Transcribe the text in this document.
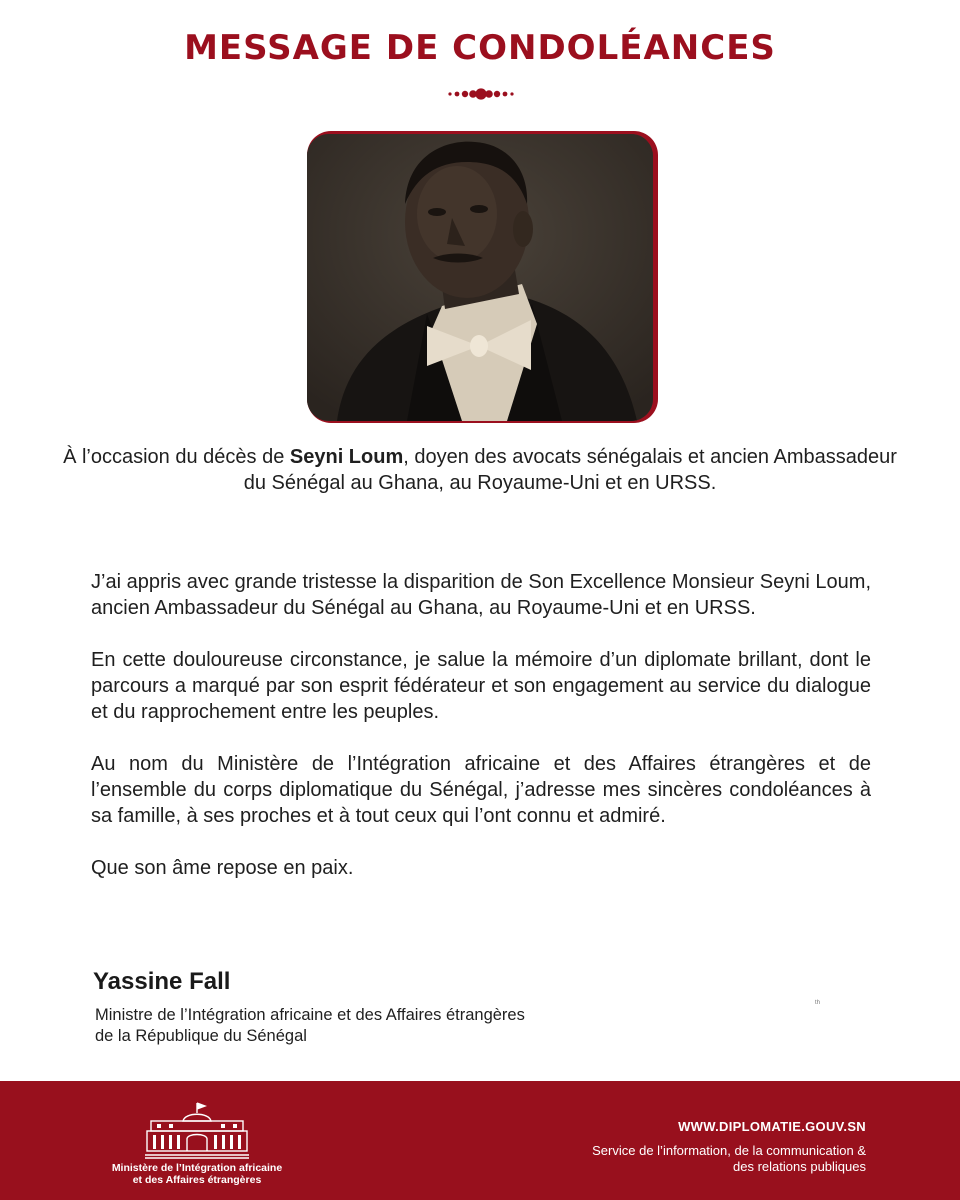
MESSAGE DE CONDOLÉANCES
À l’occasion du décès de Seyni Loum, doyen des avocats sénégalais et ancien Ambassadeur du Sénégal au Ghana, au Royaume-Uni et en URSS.

J’ai appris avec grande tristesse la disparition de Son Excellence Monsieur Seyni Loum, ancien Ambassadeur du Sénégal au Ghana, au Royaume-Uni et en URSS.

En cette douloureuse circonstance, je salue la mémoire d’un diplomate brillant, dont le parcours a marqué par son esprit fédérateur et son engagement au service du dialogue et du rapprochement entre les peuples.

Au nom du Ministère de l’Intégration africaine et des Affaires étrangères et de l’ensemble du corps diplomatique du Sénégal, j’adresse mes sincères condoléances à sa famille, à ses proches et à tout ceux qui l’ont connu et admiré.

Que son âme repose en paix.

Yassine Fall
Ministre de l’Intégration africaine et des Affaires étrangères
de la République du Sénégal
th
Ministère de l’Intégration africaine
et des Affaires étrangères
WWW.DIPLOMATIE.GOUV.SN
Service de l’information, de la communication &
des relations publiques
